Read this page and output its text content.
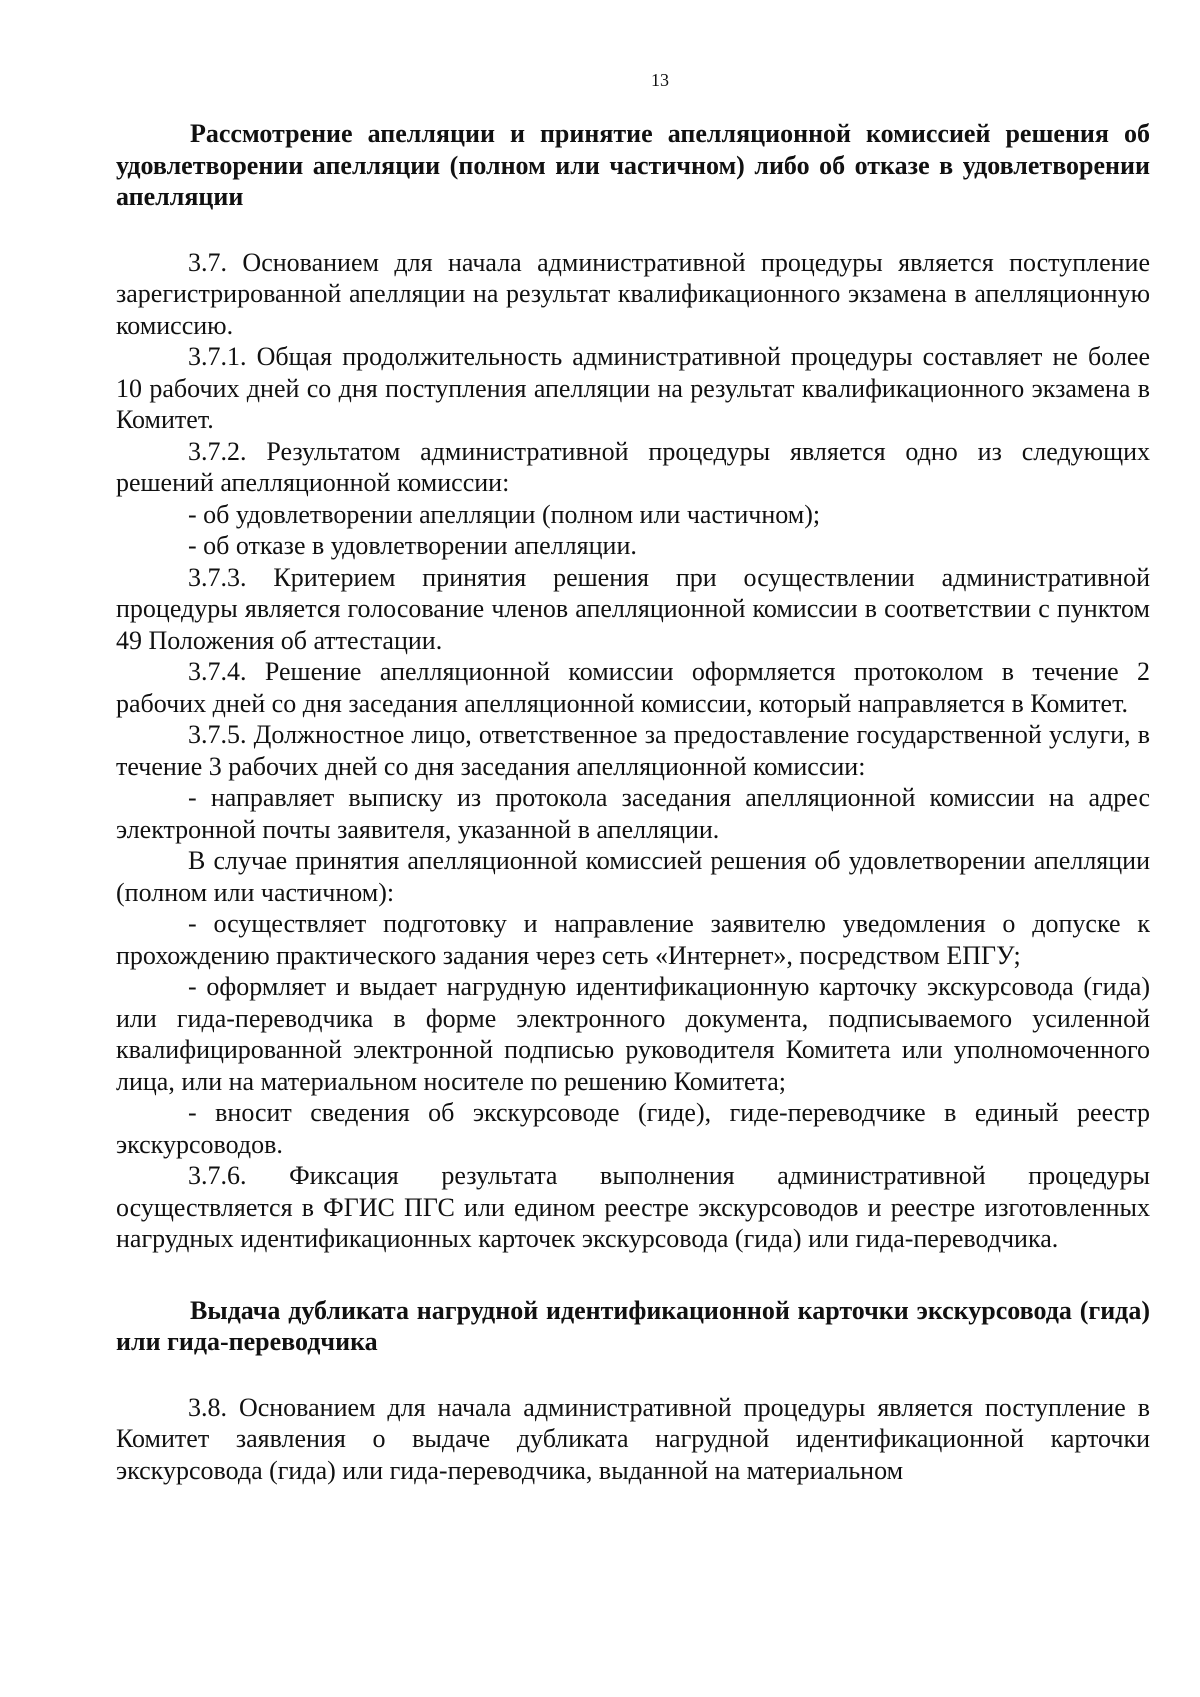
13

Рассмотрение апелляции и принятие апелляционной комиссией решения об удовлетворении апелляции (полном или частичном) либо об отказе в удовлетворении апелляции

3.7. Основанием для начала административной процедуры является поступление зарегистрированной апелляции на результат квалификационного экзамена в апелляционную комиссию.

3.7.1. Общая продолжительность административной процедуры составляет не более 10 рабочих дней со дня поступления апелляции на результат квалификационного экзамена в Комитет.

3.7.2. Результатом административной процедуры является одно из следующих решений апелляционной комиссии:

- об удовлетворении апелляции (полном или частичном);

- об отказе в удовлетворении апелляции.

3.7.3. Критерием принятия решения при осуществлении административной процедуры является голосование членов апелляционной комиссии в соответствии с пунктом 49 Положения об аттестации.

3.7.4. Решение апелляционной комиссии оформляется протоколом в течение 2 рабочих дней со дня заседания апелляционной комиссии, который направляется в Комитет.

3.7.5. Должностное лицо, ответственное за предоставление государственной услуги, в течение 3 рабочих дней со дня заседания апелляционной комиссии:

- направляет выписку из протокола заседания апелляционной комиссии на адрес электронной почты заявителя, указанной в апелляции.

В случае принятия апелляционной комиссией решения об удовлетворении апелляции (полном или частичном):

- осуществляет подготовку и направление заявителю уведомления о допуске к прохождению практического задания через сеть «Интернет», посредством ЕПГУ;

- оформляет и выдает нагрудную идентификационную карточку экскурсовода (гида) или гида-переводчика в форме электронного документа, подписываемого усиленной квалифицированной электронной подписью руководителя Комитета или уполномоченного лица, или на материальном носителе по решению Комитета;

- вносит сведения об экскурсоводе (гиде), гиде-переводчике в единый реестр экскурсоводов.

3.7.6. Фиксация результата выполнения административной процедуры осуществляется в ФГИС ПГС или едином реестре экскурсоводов и реестре изготовленных нагрудных идентификационных карточек экскурсовода (гида) или гида-переводчика.

Выдача дубликата нагрудной идентификационной карточки экскурсовода (гида) или гида-переводчика

3.8. Основанием для начала административной процедуры является поступление в Комитет заявления о выдаче дубликата нагрудной идентификационной карточки экскурсовода (гида) или гида-переводчика, выданной на материальном
